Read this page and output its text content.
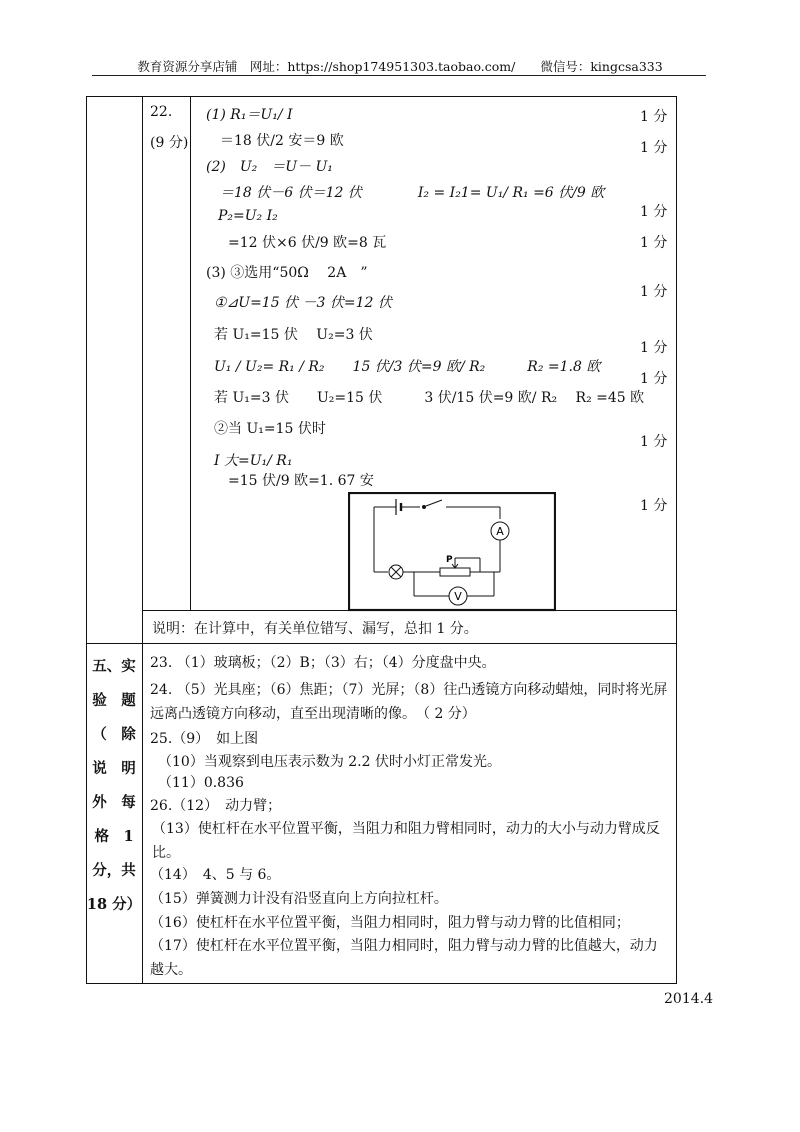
教育资源分享店铺　网址：https://shop174951303.taobao.com/　　微信号：kingcsa333
22.
(9 分)
(1) R₁＝U₁/ I
＝18 伏/2 安＝9 欧
(2)　U₂　＝U－ U₁
＝18 伏－6 伏＝12 伏　　　　I₂ = I₂1= U₁/ R₁ =6 伏/9 欧
P₂=U₂ I₂
=12 伏×6 伏/9 欧=8 瓦
(3) ③选用“50Ω　 2A　”
①⊿U=15 伏 －3 伏=12 伏
若 U₁=15 伏　 U₂=3 伏
U₁ / U₂= R₁ / R₂　　15 伏/3 伏=9 欧/ R₂　　　R₂ =1.8 欧
若 U₁=3 伏　　U₂=15 伏　　　3 伏/15 伏=9 欧/ R₂　 R₂ =45 欧
②当 U₁=15 伏时
I 大=U₁/ R₁
=15 伏/9 欧=1. 67 安
1 分
1 分
1 分
1 分
1 分
1 分
1 分
1 分
1 分
A
P
V
说明：在计算中，有关单位错写、漏写，总扣 1 分。
五、实
验　题
（　除
说　明
外　每
格　1
分，共
18 分）
23. （1）玻璃板；（2）B；（3）右；（4）分度盘中央。
24. （5）光具座；（6）焦距；（7）光屏；（8）往凸透镜方向移动蜡烛，同时将光屏远离凸透镜方向移动，直至出现清晰的像。　（ 2 分）
25.（9）　如上图
（10）当观察到电压表示数为 2.2 伏时小灯正常发光。
（11）0.836
26.（12）　动力臂；
（13）使杠杆在水平位置平衡，当阻力和阻力臂相同时，动力的大小与动力臂成反比。
（14）　4、5 与 6。
（15）弹簧测力计没有沿竖直向上方向拉杠杆。
（16）使杠杆在水平位置平衡，当阻力相同时，阻力臂与动力臂的比值相同；
（17）使杠杆在水平位置平衡，当阻力相同时，阻力臂与动力臂的比值越大，动力越大。
2014.4
